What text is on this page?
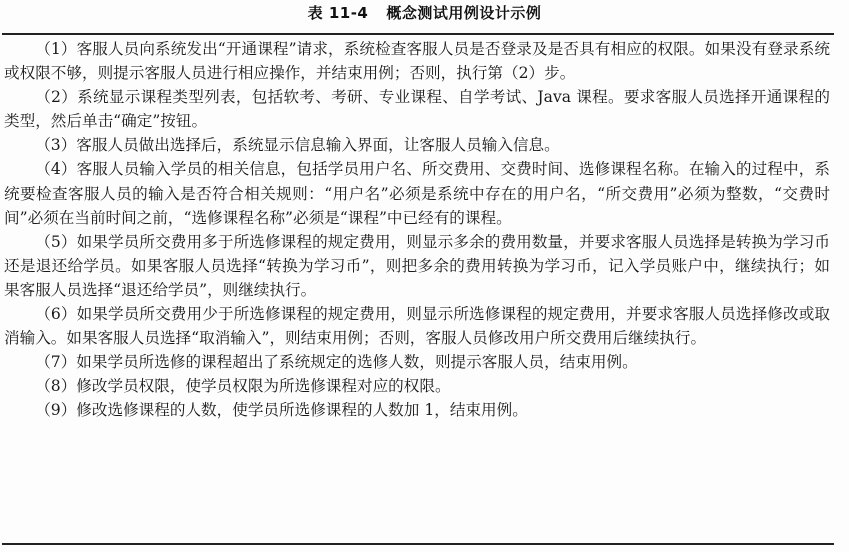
表 11-4 概念测试用例设计示例

（1）客服人员向系统发出“开通课程”请求，系统检查客服人员是否登录及是否具有相应的权限。如果没有登录系统或权限不够，则提示客服人员进行相应操作，并结束用例；否则，执行第（2）步。

（2）系统显示课程类型列表，包括软考、考研、专业课程、自学考试、Java 课程。要求客服人员选择开通课程的类型，然后单击“确定”按钮。

（3）客服人员做出选择后，系统显示信息输入界面，让客服人员输入信息。

（4）客服人员输入学员的相关信息，包括学员用户名、所交费用、交费时间、选修课程名称。在输入的过程中，系统要检查客服人员的输入是否符合相关规则：“用户名”必须是系统中存在的用户名，“所交费用”必须为整数，“交费时间”必须在当前时间之前，“选修课程名称”必须是“课程”中已经有的课程。

（5）如果学员所交费用多于所选修课程的规定费用，则显示多余的费用数量，并要求客服人员选择是转换为学习币还是退还给学员。如果客服人员选择“转换为学习币”，则把多余的费用转换为学习币，记入学员账户中，继续执行；如果客服人员选择“退还给学员”，则继续执行。

（6）如果学员所交费用少于所选修课程的规定费用，则显示所选修课程的规定费用，并要求客服人员选择修改或取消输入。如果客服人员选择“取消输入”，则结束用例；否则，客服人员修改用户所交费用后继续执行。

（7）如果学员所选修的课程超出了系统规定的选修人数，则提示客服人员，结束用例。

（8）修改学员权限，使学员权限为所选修课程对应的权限。

（9）修改选修课程的人数，使学员所选修课程的人数加 1，结束用例。
